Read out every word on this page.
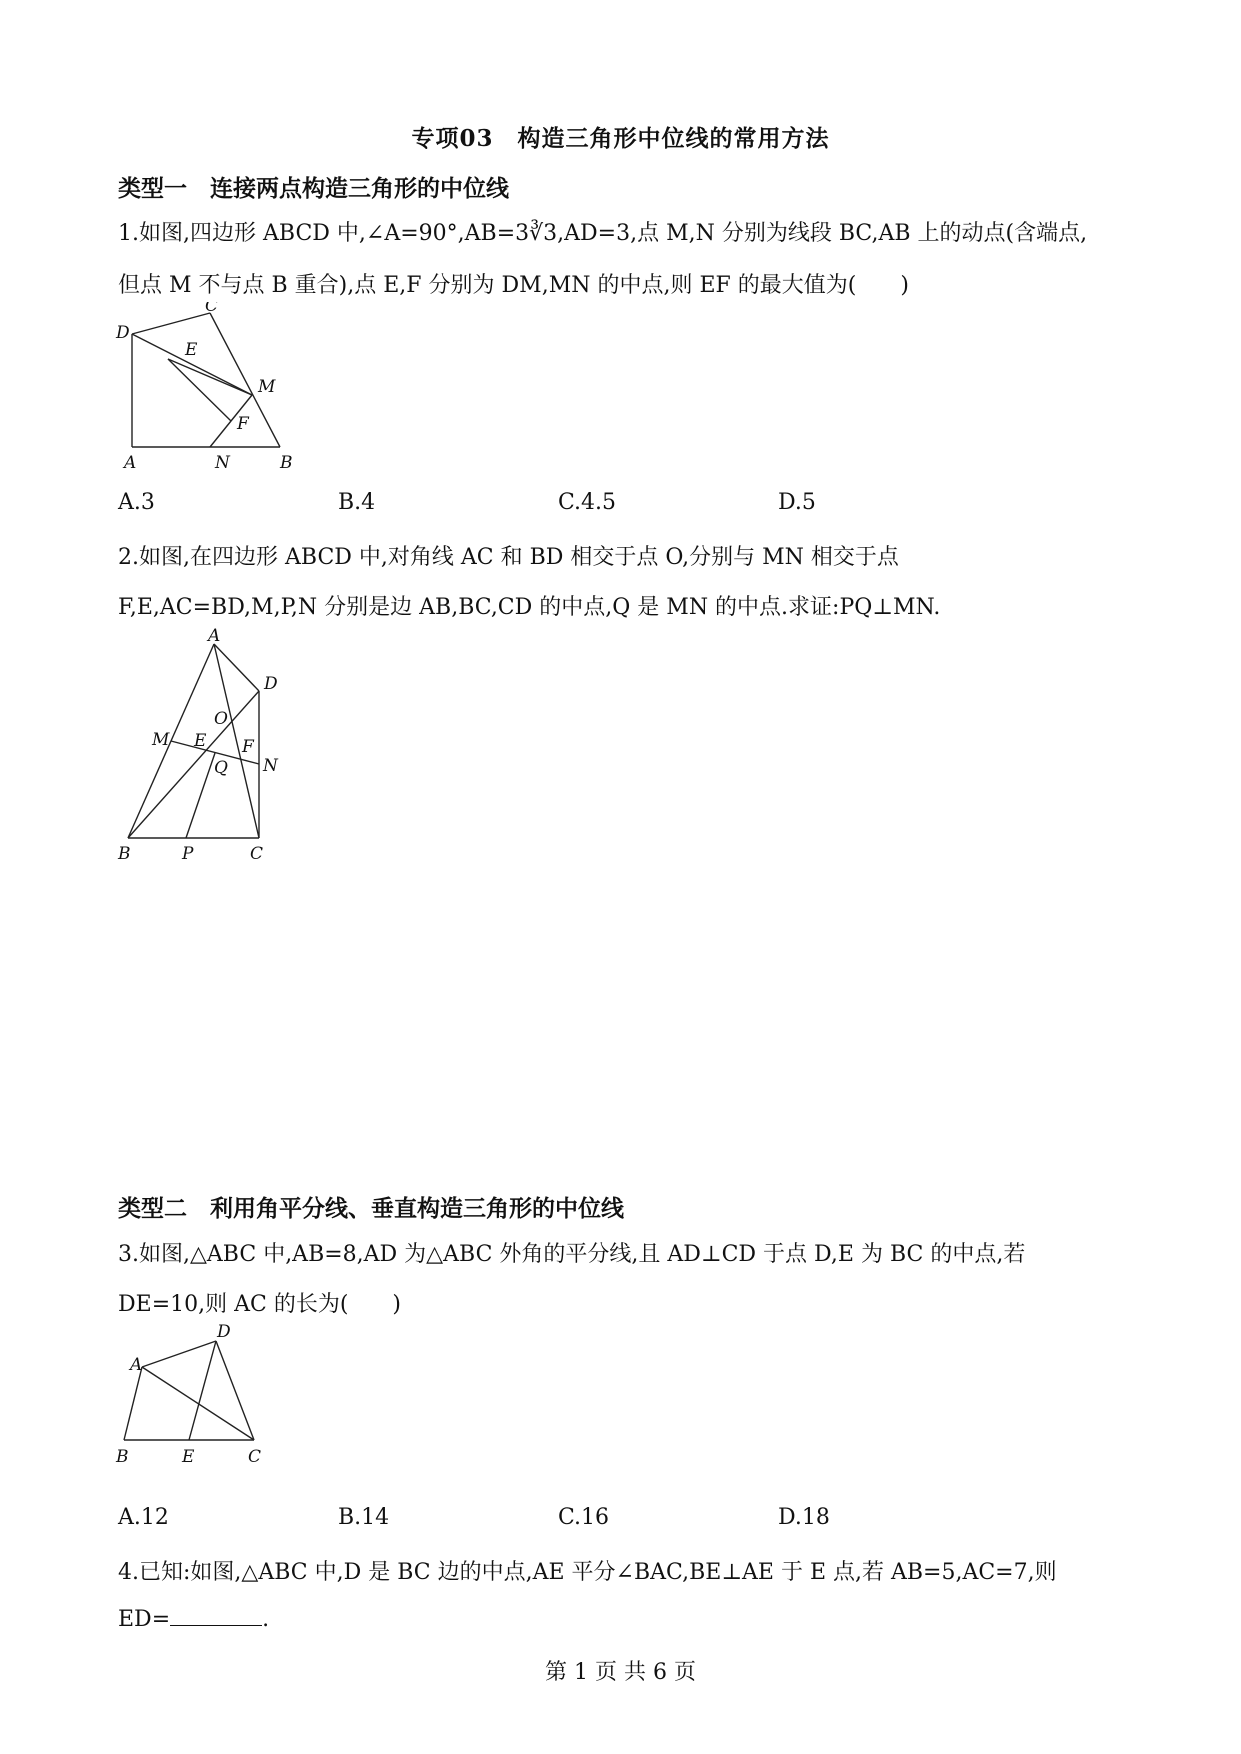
专项03　构造三角形中位线的常用方法
类型一　连接两点构造三角形的中位线
1.如图,四边形 ABCD 中,∠A=90°,AB=3∛3,AD=3,点 M,N 分别为线段 BC,AB 上的动点(含端点,
但点 M 不与点 B 重合),点 E,F 分别为 DM,MN 的中点,则 EF 的最大值为(　　)
C
D
E
M
F
A	N	B
A.3	B.4	C.4.5	D.5
2.如图,在四边形 ABCD 中,对角线 AC 和 BD 相交于点 O,分别与 MN 相交于点
F,E,AC=BD,M,P,N 分别是边 AB,BC,CD 的中点,Q 是 MN 的中点.求证:PQ⊥MN.
A
D
O
M E F
Q N
B	P	C
类型二　利用角平分线、垂直构造三角形的中位线
3.如图,△ABC 中,AB=8,AD 为△ABC 外角的平分线,且 AD⊥CD 于点 D,E 为 BC 的中点,若
DE=10,则 AC 的长为(　　)
D
A
B	E	C
A.12	B.14	C.16	D.18
4.已知:如图,△ABC 中,D 是 BC 边的中点,AE 平分∠BAC,BE⊥AE 于 E 点,若 AB=5,AC=7,则
ED=	.
第 1 页 共 6 页
